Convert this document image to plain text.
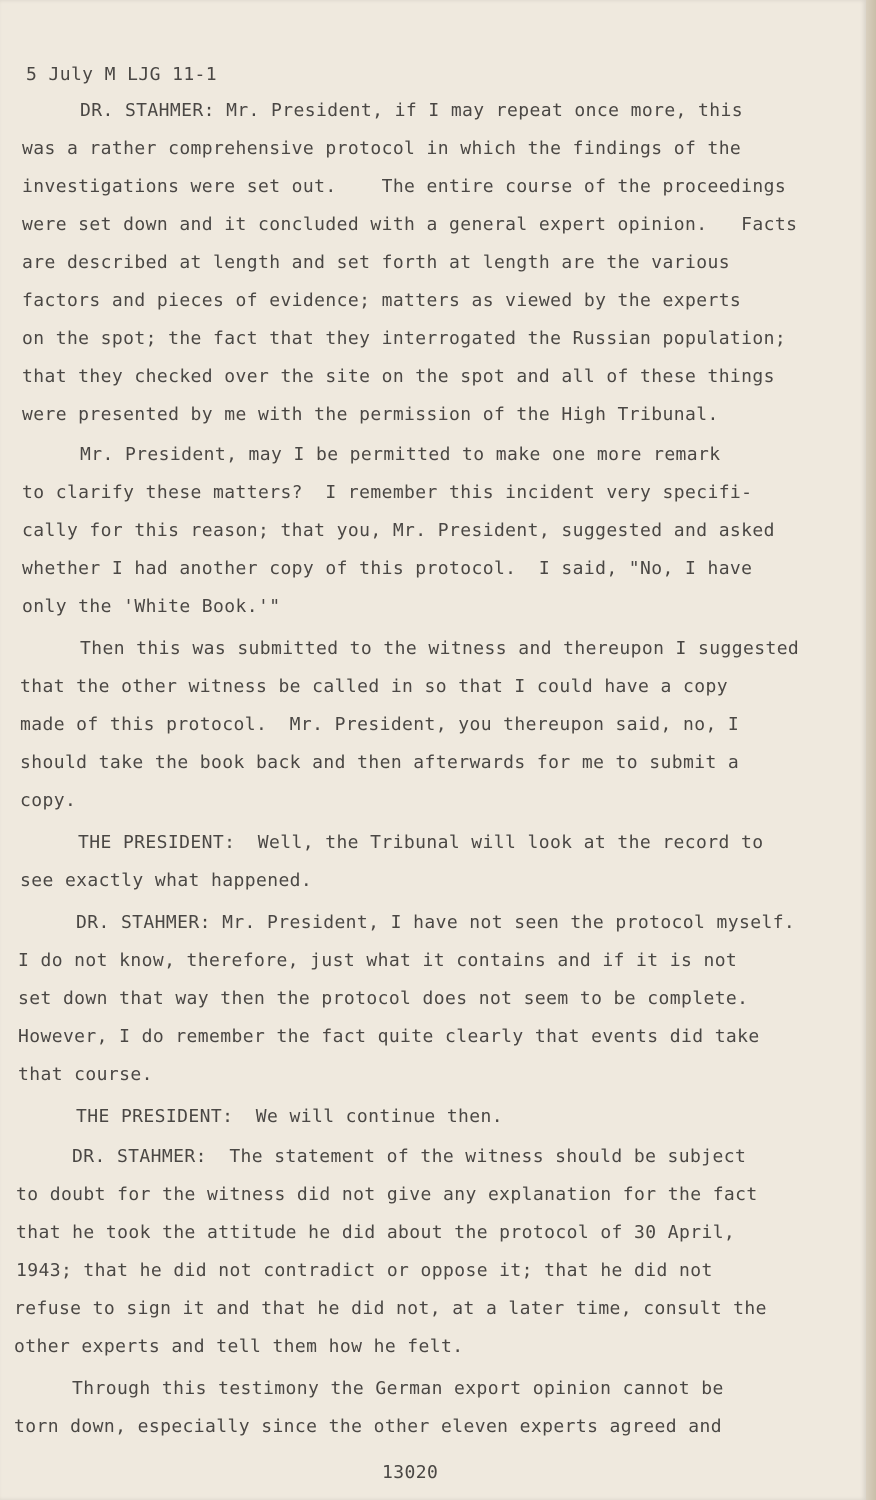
5 July M LJG 11-1
DR. STAHMER: Mr. President, if I may repeat once more, this
was a rather comprehensive protocol in which the findings of the
investigations were set out.    The entire course of the proceedings
were set down and it concluded with a general expert opinion.   Facts
are described at length and set forth at length are the various
factors and pieces of evidence; matters as viewed by the experts
on the spot; the fact that they interrogated the Russian population;
that they checked over the site on the spot and all of these things
were presented by me with the permission of the High Tribunal.
Mr. President, may I be permitted to make one more remark
to clarify these matters?  I remember this incident very specifi-
cally for this reason; that you, Mr. President, suggested and asked
whether I had another copy of this protocol.  I said, "No, I have
only the 'White Book.'"
Then this was submitted to the witness and thereupon I suggested
that the other witness be called in so that I could have a copy
made of this protocol.  Mr. President, you thereupon said, no, I
should take the book back and then afterwards for me to submit a
copy.
THE PRESIDENT:  Well, the Tribunal will look at the record to
see exactly what happened.
DR. STAHMER: Mr. President, I have not seen the protocol myself.
I do not know, therefore, just what it contains and if it is not
set down that way then the protocol does not seem to be complete.
However, I do remember the fact quite clearly that events did take
that course.
THE PRESIDENT:  We will continue then.
DR. STAHMER:  The statement of the witness should be subject
to doubt for the witness did not give any explanation for the fact
that he took the attitude he did about the protocol of 30 April,
1943; that he did not contradict or oppose it; that he did not
refuse to sign it and that he did not, at a later time, consult the
other experts and tell them how he felt.
Through this testimony the German export opinion cannot be
torn down, especially since the other eleven experts agreed and
13020
